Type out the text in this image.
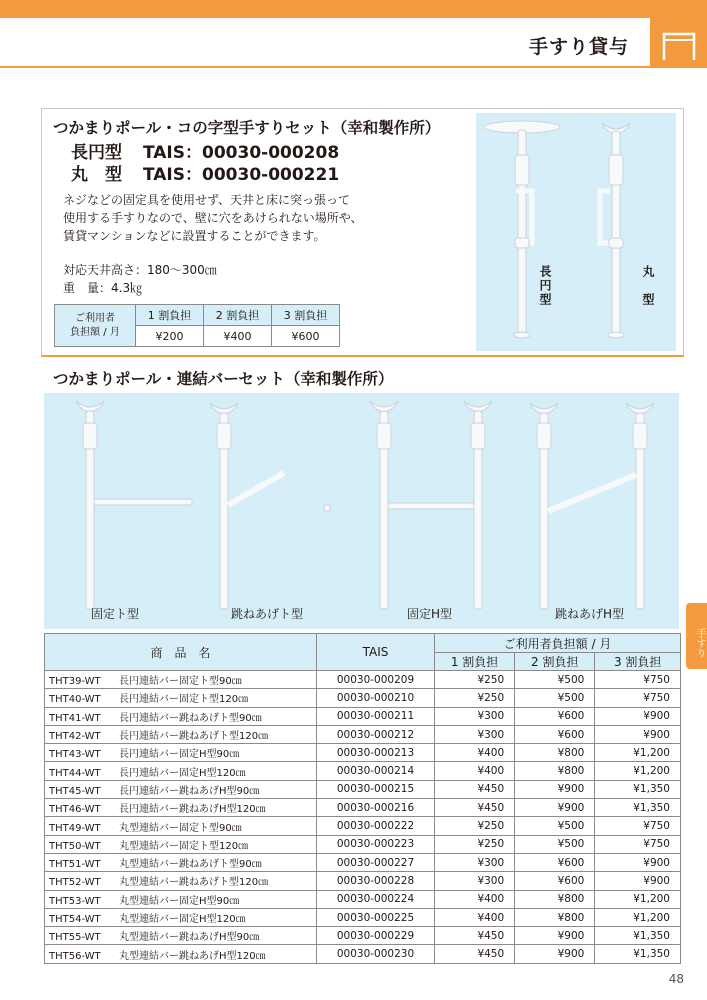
手すり貸与
つかまりポール・コの字型手すりセット（幸和製作所）
長円型 TAIS：00030-000208
丸　型 TAIS：00030-000221
ネジなどの固定具を使用せず、天井と床に突っ張って
使用する手すりなので、壁に穴をあけられない場所や、
賃貸マンションなどに設置することができます。
対応天井高さ：180～300㎝
重　量：4.3㎏
ご利用者
負担額 / 月	1 割負担	2 割負担	3 割負担
	¥200	¥400	¥600
長円型	丸　型
つかまりポール・連結バーセット（幸和製作所）
固定ト型	跳ねあげト型	固定H型	跳ねあげH型
手すり
商　品　名	TAIS	ご利用者負担額 / 月		
		1 割負担	2 割負担	3 割負担
THT39-WT 長円連結バー固定ト型90㎝	00030-000209	¥250	¥500	¥750
THT40-WT 長円連結バー固定ト型120㎝	00030-000210	¥250	¥500	¥750
THT41-WT 長円連結バー跳ねあげト型90㎝	00030-000211	¥300	¥600	¥900
THT42-WT 長円連結バー跳ねあげト型120㎝	00030-000212	¥300	¥600	¥900
THT43-WT 長円連結バー固定H型90㎝	00030-000213	¥400	¥800	¥1,200
THT44-WT 長円連結バー固定H型120㎝	00030-000214	¥400	¥800	¥1,200
THT45-WT 長円連結バー跳ねあげH型90㎝	00030-000215	¥450	¥900	¥1,350
THT46-WT 長円連結バー跳ねあげH型120㎝	00030-000216	¥450	¥900	¥1,350
THT49-WT 丸型連結バー固定ト型90㎝	00030-000222	¥250	¥500	¥750
THT50-WT 丸型連結バー固定ト型120㎝	00030-000223	¥250	¥500	¥750
THT51-WT 丸型連結バー跳ねあげト型90㎝	00030-000227	¥300	¥600	¥900
THT52-WT 丸型連結バー跳ねあげト型120㎝	00030-000228	¥300	¥600	¥900
THT53-WT 丸型連結バー固定H型90㎝	00030-000224	¥400	¥800	¥1,200
THT54-WT 丸型連結バー固定H型120㎝	00030-000225	¥400	¥800	¥1,200
THT55-WT 丸型連結バー跳ねあげH型90㎝	00030-000229	¥450	¥900	¥1,350
THT56-WT 丸型連結バー跳ねあげH型120㎝	00030-000230	¥450	¥900	¥1,350
48
